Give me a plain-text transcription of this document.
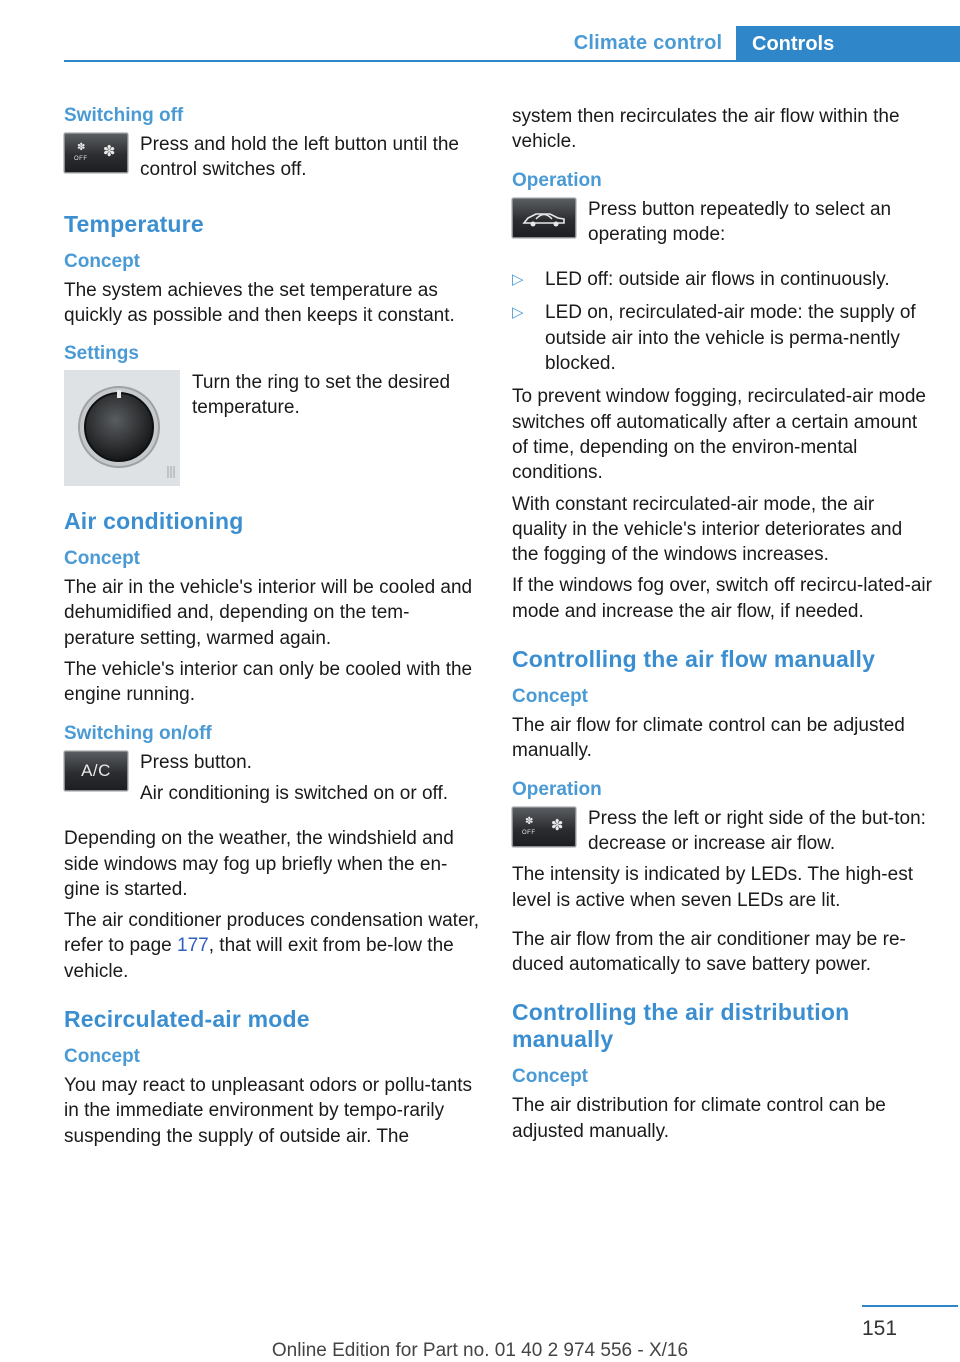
Climate control	Controls
Switching off
✽
OFF ✽ Press and hold the left button until the control switches off.
Temperature
Concept
The system achieves the set temperature as quickly as possible and then keeps it constant.
Settings
Turn the ring to set the desired temperature.
Air conditioning
Concept
The air in the vehicle's interior will be cooled and dehumidified and, depending on the tem‐perature setting, warmed again.
The vehicle's interior can only be cooled with the engine running.
Switching on/off
A/C	Press button.
Air conditioning is switched on or off.
Depending on the weather, the windshield and side windows may fog up briefly when the en‐gine is started.
The air conditioner produces condensation water, refer to page 177, that will exit from be‐low the vehicle.
Recirculated-air mode
Concept
You may react to unpleasant odors or pollu‐tants in the immediate environment by tempo‐rarily suspending the supply of outside air. The
system then recirculates the air flow within the vehicle.
Operation
Press button repeatedly to select an operating mode:
▷ LED off: outside air flows in continuously.
▷ LED on, recirculated-air mode: the supply of outside air into the vehicle is perma‐nently blocked.
To prevent window fogging, recirculated-air mode switches off automatically after a certain amount of time, depending on the environ‐mental conditions.
With constant recirculated-air mode, the air quality in the vehicle's interior deteriorates and the fogging of the windows increases.
If the windows fog over, switch off recircu‐lated-air mode and increase the air flow, if needed.
Controlling the air flow manually
Concept
The air flow for climate control can be adjusted manually.
Operation
✽
OFF ✽ Press the left or right side of the but‐ton: decrease or increase air flow.
The intensity is indicated by LEDs. The high‐est level is active when seven LEDs are lit.
The air flow from the air conditioner may be re‐duced automatically to save battery power.
Controlling the air distribution manually
Concept
The air distribution for climate control can be adjusted manually.
151
Online Edition for Part no. 01 40 2 974 556 - X/16
